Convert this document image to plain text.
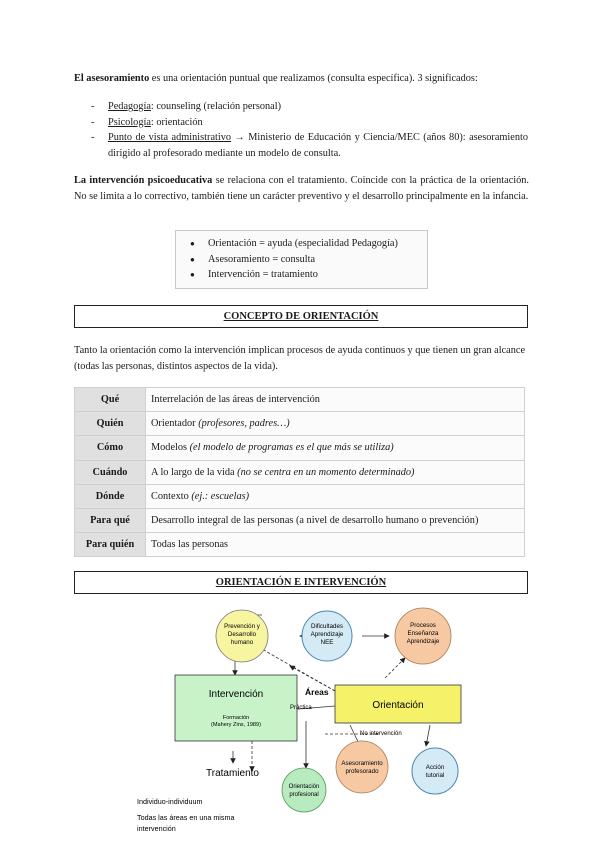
El asesoramiento es una orientación puntual que realizamos (consulta específica). 3 significados:
- Pedagogía: counseling (relación personal)
- Psicología: orientación
- Punto de vista administrativo → Ministerio de Educación y Ciencia/MEC (años 80): asesoramiento dirigido al profesorado mediante un modelo de consulta.
La intervención psicoeducativa se relaciona con el tratamiento. Coincide con la práctica de la orientación. No se limita a lo correctivo, también tiene un carácter preventivo y el desarrollo principalmente en la infancia.
● Orientación = ayuda (especialidad Pedagogía)
● Asesoramiento = consulta
● Intervención = tratamiento
CONCEPTO DE ORIENTACIÓN
Tanto la orientación como la intervención implican procesos de ayuda continuos y que tienen un gran alcance (todas las personas, distintos aspectos de la vida).
Qué	Interrelación de las áreas de intervención
Quién	Orientador (profesores, padres…)
Cómo	Modelos (el modelo de programas es el que más se utiliza)
Cuándo	A lo largo de la vida (no se centra en un momento determinado)
Dónde	Contexto (ej.: escuelas)
Para qué	Desarrollo integral de las personas (a nivel de desarrollo humano o prevención)
Para quién	Todas las personas
ORIENTACIÓN E INTERVENCIÓN
Prevención y
Desarrollo
humano
Dificultades
Aprendizaje
NEE
Procesos
Enseñanza
Aprendizaje
Intervención
Formación
(Mahery Zins, 1989)
Áreas
Práctica	Orientación
No intervención
Tratamiento
Asesoramiento
profesorado
Acción
tutorial
Orientación
profesional
Individuo-individuum
Todas las áreas en una misma
intervención
